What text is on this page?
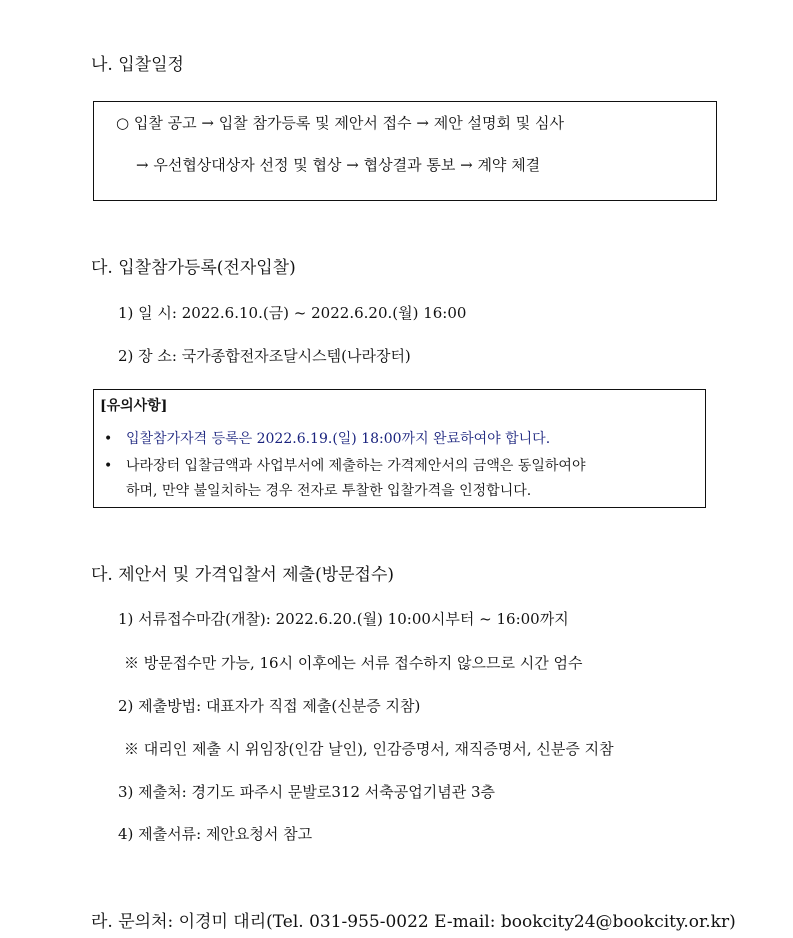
나. 입찰일정
○ 입찰 공고 → 입찰 참가등록 및 제안서 접수 → 제안 설명회 및 심사
→ 우선협상대상자 선정 및 협상 → 협상결과 통보 → 계약 체결
다. 입찰참가등록(전자입찰)
1) 일 시: 2022.6.10.(금) ~ 2022.6.20.(월) 16:00
2) 장 소: 국가종합전자조달시스템(나라장터)
[유의사항]
• 입찰참가자격 등록은 2022.6.19.(일) 18:00까지 완료하여야 합니다.
• 나라장터 입찰금액과 사업부서에 제출하는 가격제안서의 금액은 동일하여야
하며, 만약 불일치하는 경우 전자로 투찰한 입찰가격을 인정합니다.
다. 제안서 및 가격입찰서 제출(방문접수)
1) 서류접수마감(개찰): 2022.6.20.(월) 10:00시부터 ~ 16:00까지
※ 방문접수만 가능, 16시 이후에는 서류 접수하지 않으므로 시간 엄수
2) 제출방법: 대표자가 직접 제출(신분증 지참)
※ 대리인 제출 시 위임장(인감 날인), 인감증명서, 재직증명서, 신분증 지참
3) 제출처: 경기도 파주시 문발로312 서축공업기념관 3층
4) 제출서류: 제안요청서 참고
라. 문의처: 이경미 대리(Tel. 031-955-0022 E-mail: bookcity24@bookcity.or.kr)
